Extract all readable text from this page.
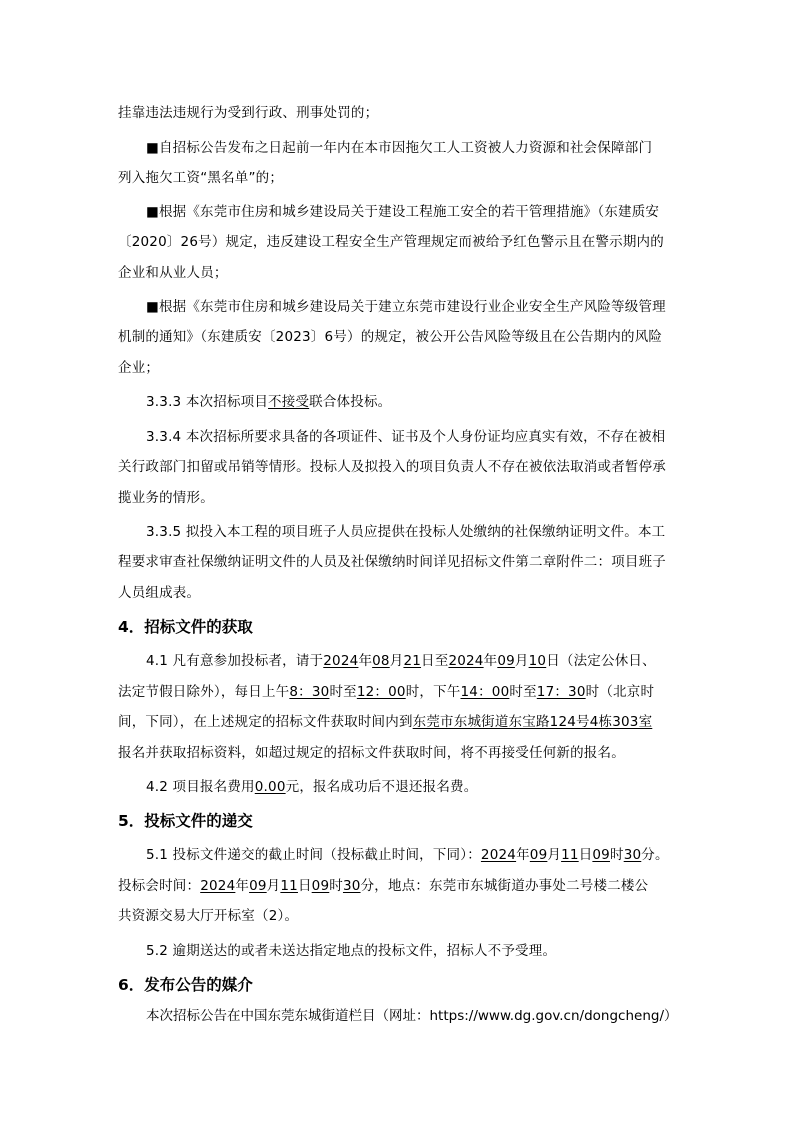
挂靠违法违规行为受到行政、刑事处罚的；
■自招标公告发布之日起前一年内在本市因拖欠工人工资被人力资源和社会保障部门
列入拖欠工资“黑名单”的；
■根据《东莞市住房和城乡建设局关于建设工程施工安全的若干管理措施》（东建质安
〔2020〕26号）规定，违反建设工程安全生产管理规定而被给予红色警示且在警示期内的
企业和从业人员；
■根据《东莞市住房和城乡建设局关于建立东莞市建设行业企业安全生产风险等级管理
机制的通知》（东建质安〔2023〕6号）的规定，被公开公告风险等级且在公告期内的风险
企业；
3.3.3 本次招标项目不接受联合体投标。
3.3.4 本次招标所要求具备的各项证件、证书及个人身份证均应真实有效，不存在被相
关行政部门扣留或吊销等情形。投标人及拟投入的项目负责人不存在被依法取消或者暂停承
揽业务的情形。
3.3.5 拟投入本工程的项目班子人员应提供在投标人处缴纳的社保缴纳证明文件。本工
程要求审查社保缴纳证明文件的人员及社保缴纳时间详见招标文件第二章附件二：项目班子
人员组成表。
4．招标文件的获取
4.1 凡有意参加投标者，请于2024年08月21日至2024年09月10日（法定公休日、
法定节假日除外），每日上午8：30时至12：00时，下午14：00时至17：30时（北京时
间，下同），在上述规定的招标文件获取时间内到东莞市东城街道东宝路124号4栋303室
报名并获取招标资料，如超过规定的招标文件获取时间，将不再接受任何新的报名。
4.2 项目报名费用0.00元，报名成功后不退还报名费。
5．投标文件的递交
5.1 投标文件递交的截止时间（投标截止时间，下同）：2024年09月11日09时30分。
投标会时间：2024年09月11日09时30分，地点：东莞市东城街道办事处二号楼二楼公
共资源交易大厅开标室（2）。
5.2 逾期送达的或者未送达指定地点的投标文件，招标人不予受理。
6．发布公告的媒介
本次招标公告在中国东莞东城街道栏目（网址：https://www.dg.gov.cn/dongcheng/）
